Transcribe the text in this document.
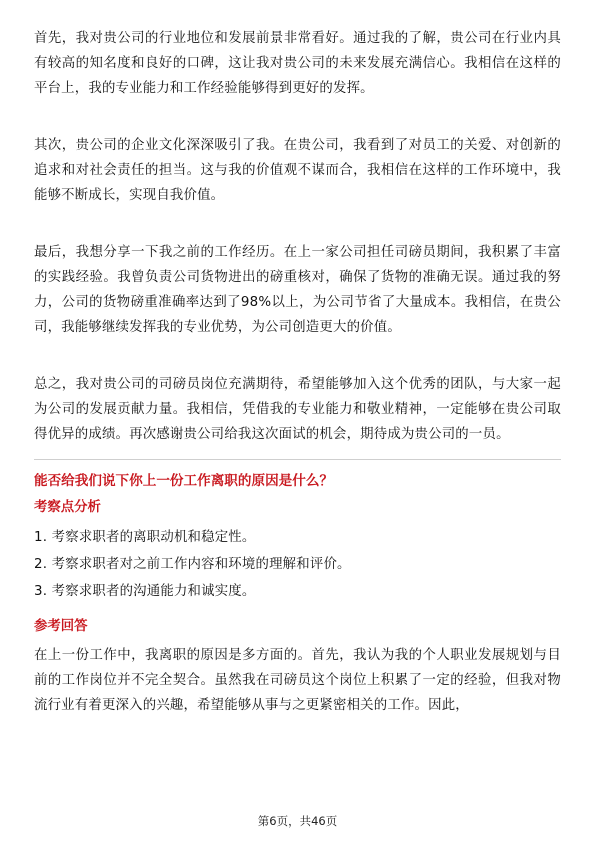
首先，我对贵公司的行业地位和发展前景非常看好。通过我的了解，贵公司在行业内具有较高的知名度和良好的口碑，这让我对贵公司的未来发展充满信心。我相信在这样的平台上，我的专业能力和工作经验能够得到更好的发挥。

其次，贵公司的企业文化深深吸引了我。在贵公司，我看到了对员工的关爱、对创新的追求和对社会责任的担当。这与我的价值观不谋而合，我相信在这样的工作环境中，我能够不断成长，实现自我价值。

最后，我想分享一下我之前的工作经历。在上一家公司担任司磅员期间，我积累了丰富的实践经验。我曾负责公司货物进出的磅重核对，确保了货物的准确无误。通过我的努力，公司的货物磅重准确率达到了98%以上，为公司节省了大量成本。我相信，在贵公司，我能够继续发挥我的专业优势，为公司创造更大的价值。

总之，我对贵公司的司磅员岗位充满期待，希望能够加入这个优秀的团队，与大家一起为公司的发展贡献力量。我相信，凭借我的专业能力和敬业精神，一定能够在贵公司取得优异的成绩。再次感谢贵公司给我这次面试的机会，期待成为贵公司的一员。

能否给我们说下你上一份工作离职的原因是什么？
考察点分析
1. 考察求职者的离职动机和稳定性。
2. 考察求职者对之前工作内容和环境的理解和评价。
3. 考察求职者的沟通能力和诚实度。
参考回答

在上一份工作中，我离职的原因是多方面的。首先，我认为我的个人职业发展规划与目前的工作岗位并不完全契合。虽然我在司磅员这个岗位上积累了一定的经验，但我对物流行业有着更深入的兴趣，希望能够从事与之更紧密相关的工作。因此，

第6页，共46页
